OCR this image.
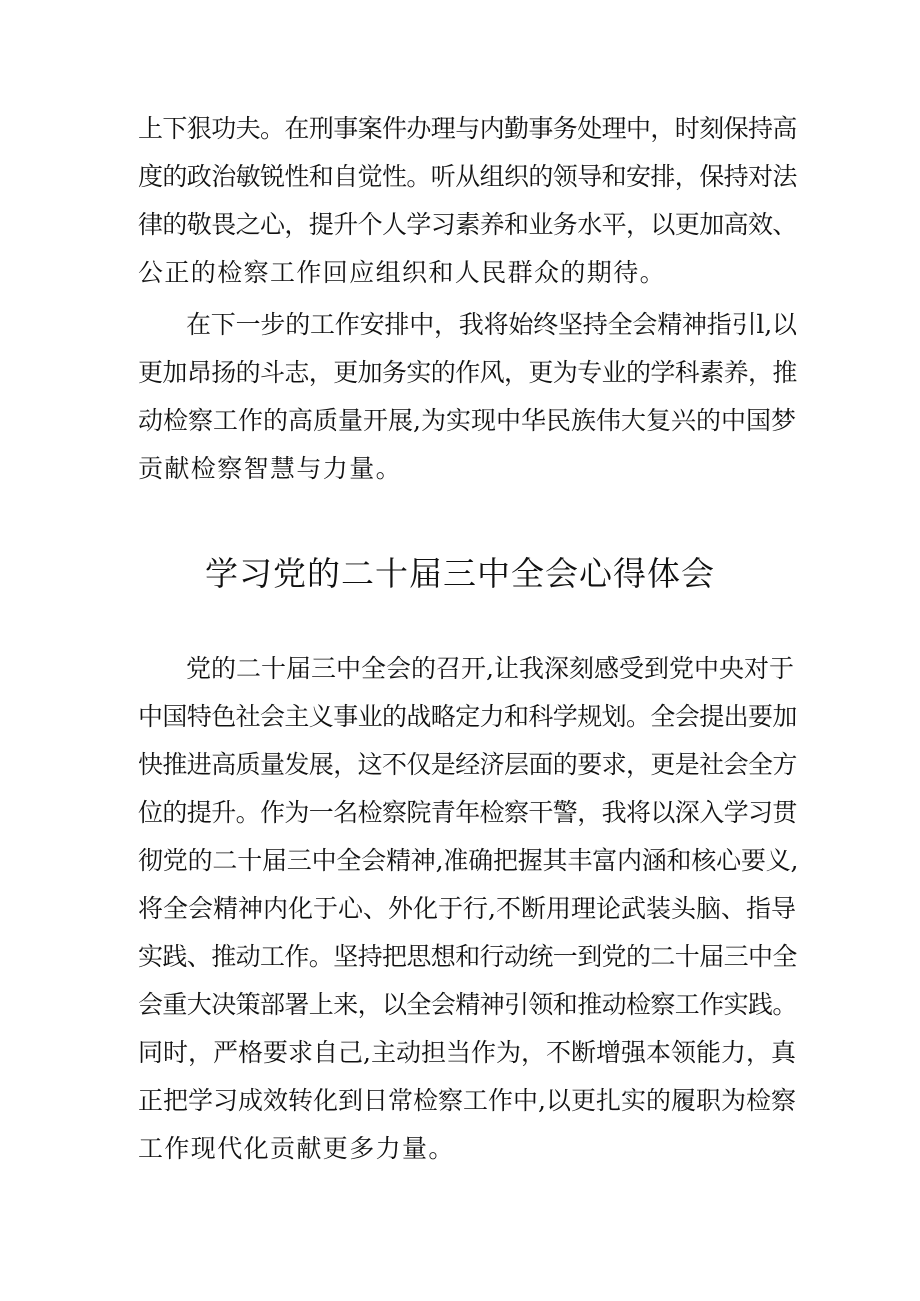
上下狠功夫。在刑事案件办理与内勤事务处理中，时刻保持高
度的政治敏锐性和自觉性。听从组织的领导和安排，保持对法
律的敬畏之心，提升个人学习素养和业务水平，以更加高效、
公正的检察工作回应组织和人民群众的期待。
在下一步的工作安排中，我将始终坚持全会精神指引l,以
更加昂扬的斗志，更加务实的作风，更为专业的学科素养，推
动检察工作的高质量开展,为实现中华民族伟大复兴的中国梦
贡献检察智慧与力量。
学习党的二十届三中全会心得体会
党的二十届三中全会的召开,让我深刻感受到党中央对于
中国特色社会主义事业的战略定力和科学规划。全会提出要加
快推进高质量发展，这不仅是经济层面的要求，更是社会全方
位的提升。作为一名检察院青年检察干警，我将以深入学习贯
彻党的二十届三中全会精神,准确把握其丰富内涵和核心要义,
将全会精神内化于心、外化于行,不断用理论武装头脑、指导
实践、推动工作。坚持把思想和行动统一到党的二十届三中全
会重大决策部署上来，以全会精神引领和推动检察工作实践。
同时，严格要求自己,主动担当作为，不断增强本领能力，真
正把学习成效转化到日常检察工作中,以更扎实的履职为检察
工作现代化贡献更多力量。
